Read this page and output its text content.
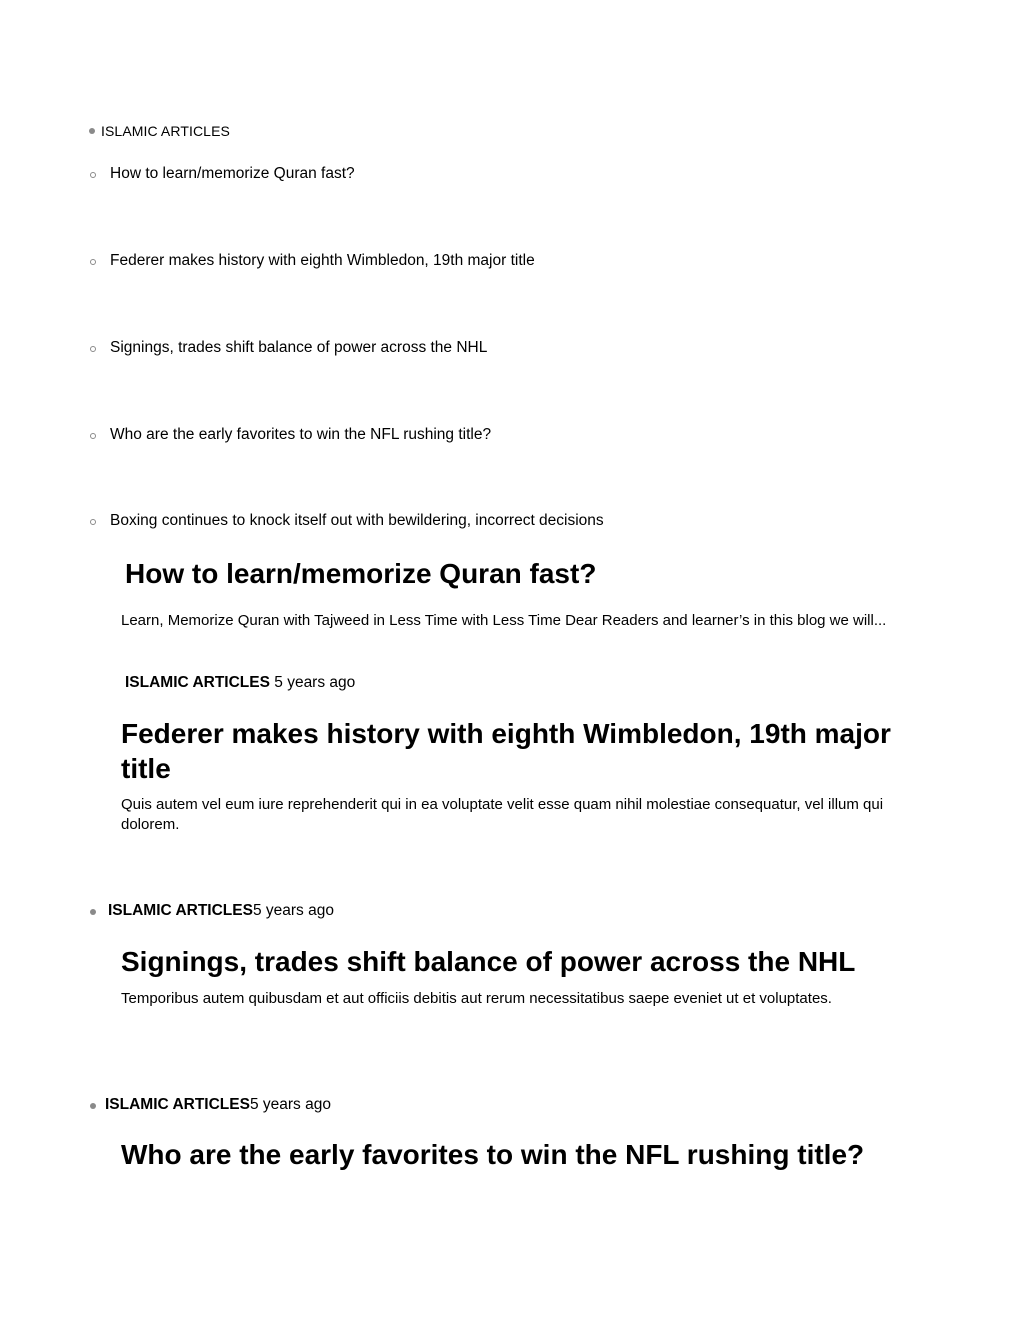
ISLAMIC ARTICLES
How to learn/memorize Quran fast?
Federer makes history with eighth Wimbledon, 19th major title
Signings, trades shift balance of power across the NHL
Who are the early favorites to win the NFL rushing title?
Boxing continues to knock itself out with bewildering, incorrect decisions
How to learn/memorize Quran fast?

Learn, Memorize Quran with Tajweed in Less Time with Less Time Dear Readers and learner’s in this blog we will...

ISLAMIC ARTICLES 5 years ago
Federer makes history with eighth Wimbledon, 19th major title

Quis autem vel eum iure reprehenderit qui in ea voluptate velit esse quam nihil molestiae consequatur, vel illum qui dolorem.

ISLAMIC ARTICLES5 years ago
Signings, trades shift balance of power across the NHL

Temporibus autem quibusdam et aut officiis debitis aut rerum necessitatibus saepe eveniet ut et voluptates.

ISLAMIC ARTICLES5 years ago
Who are the early favorites to win the NFL rushing title?
